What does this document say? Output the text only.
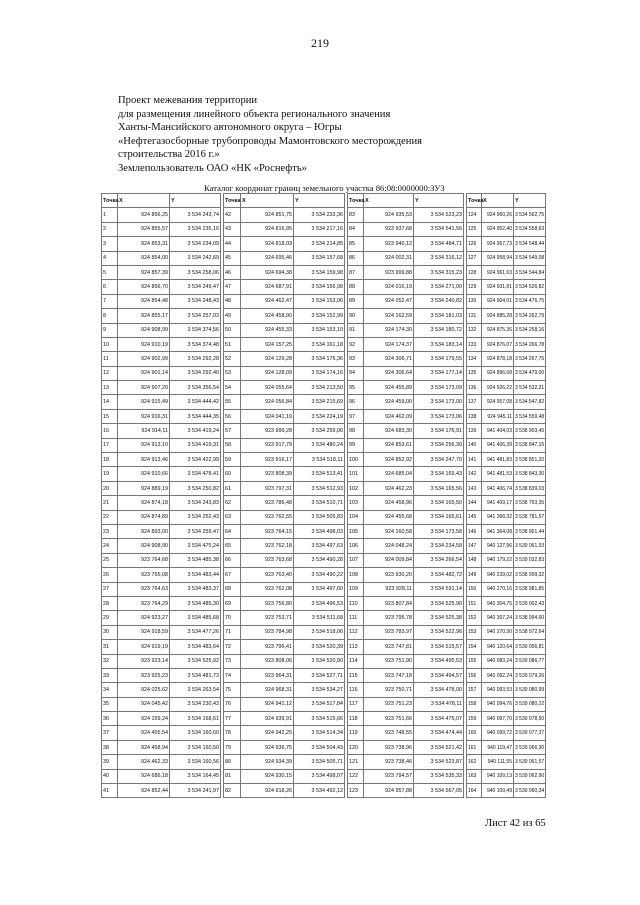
219
Проект межевания территории
для размещения линейного объекта регионального значения
Ханты-Мансийского автономного округа – Югры
«Нефтегазосборные трубопроводы Мамонтовского месторождения
строительства 2016 г.»
Землепользователь ОАО «НК «Роснефть»
Каталог координат границ земельного участка 86:08:0000000:ЗУ3
Точка	X	Y
1	924 856,25	3 534 243,74
2	924 855,57	3 534 235,16
3	924 853,31	3 534 234,09
4	924 854,00	3 534 242,69
5	924 857,39	3 534 258,06
6	924 856,70	3 534 249,47
7	924 854,48	3 534 248,43
8	924 855,17	3 534 257,03
9	924 908,99	3 534 374,56
10	924 910,19	3 534 374,48
11	924 902,99	3 534 292,28
12	924 901,14	3 534 292,40
13	924 907,20	3 534 356,54
14	924 915,49	3 534 444,42
15	924 916,31	3 534 444,35
16	924 914,11	3 534 419,24
17	924 913,10	3 534 419,31
18	924 913,46	3 534 422,99
19	924 910,66	3 534 478,41
20	924 889,19	3 534 250,82
21	924 874,18	3 534 243,83
22	924 874,89	3 534 252,43
23	924 893,00	3 534 259,47
24	924 908,90	3 534 475,24
25	923 764,68	3 534 485,38
26	923 765,08	3 534 483,44
27	923 764,63	3 534 483,37
28	923 764,29	3 534 485,30
29	924 923,27	3 534 485,68
30	924 918,59	3 534 477,26
31	924 919,19	3 534 483,64
32	923 923,14	3 534 525,92
33	923 925,23	3 534 481,73
34	924 025,62	3 534 263,54
35	924 045,42	3 534 230,43
36	924 159,24	3 534 168,61
37	924 455,54	3 534 160,60
38	924 458,94	3 534 160,50
39	924 462,33	3 534 160,56
40	924 686,18	3 534 164,45
41	924 852,44	3 534 241,97
Точка	X	Y
42	924 851,75	3 534 233,36
43	924 816,95	3 534 217,16
44	924 818,03	3 534 214,85
45	924 695,46	3 534 157,68
46	924 694,38	3 534 159,98
47	924 687,91	3 534 156,98
48	924 462,47	3 534 153,06
49	924 458,90	3 534 152,99
50	924 455,33	3 534 153,10
51	924 157,25	3 534 161,18
52	924 129,28	3 534 176,36
53	924 128,09	3 534 174,16
54	924 055,64	3 534 213,50
55	924 056,84	3 534 215,69
56	924 041,19	3 534 224,19
57	923 999,28	3 534 259,06
58	923 917,79	3 534 480,24
59	923 916,17	3 534 518,11
60	923 808,39	3 534 513,41
61	923 797,31	3 534 512,93
62	923 786,48	3 534 510,71
63	923 762,55	3 534 505,83
64	923 764,15	3 534 498,03
65	923 762,18	3 534 497,63
66	923 763,68	3 534 490,28
67	923 763,40	3 534 490,22
68	923 762,08	3 534 497,60
69	923 756,80	3 534 496,53
70	923 753,71	3 534 511,68
71	923 784,98	3 534 518,06
72	923 796,41	3 534 520,39
73	923 808,06	3 534 520,90
74	923 964,31	3 534 527,71
75	924 968,31	3 534 534,27
76	924 941,12	3 534 517,84
77	924 939,91	3 534 515,66
78	924 942,25	3 534 514,34
79	924 936,75	3 534 504,43
80	924 934,39	3 534 505,71
81	924 930,15	3 534 498,07
82	924 918,26	3 534 492,12
Точка	X	Y
83	924 935,53	3 534 523,23
84	923 937,68	3 534 541,56
85	923 940,12	3 534 484,71
86	924 002,31	3 534 316,12
87	923 999,88	3 534 315,23
88	924 016,19	3 534 271,00
89	924 052,47	3 534 240,82
90	924 162,59	3 534 181,03
91	924 174,30	3 534 180,72
92	924 174,37	3 534 183,14
93	924 306,71	3 534 179,55
94	924 306,64	3 534 177,14
95	924 455,89	3 534 173,09
96	924 459,00	3 534 173,00
97	924 462,09	3 534 173,06
98	924 683,30	3 534 176,91
99	924 853,61	3 534 256,30
100	924 852,92	3 534 247,70
101	924 685,04	3 534 169,43
102	924 462,23	3 534 165,56
103	924 458,96	3 534 165,50
104	924 455,68	3 534 165,61
105	924 160,58	3 534 173,58
106	924 048,24	3 534 234,58
107	924 009,84	3 534 266,54
108	923 930,20	3 534 482,72
109	923 928,11	3 534 531,14
110	923 807,84	3 534 525,90
111	923 795,78	3 534 525,38
112	923 783,97	3 534 522,96
113	923 747,81	3 534 515,57
114	923 751,90	3 534 495,53
115	923 747,18	3 534 494,57
116	923 750,71	3 534 478,00
117	923 751,23	3 534 478,11
118	923 751,66	3 534 475,07
119	923 748,55	3 534 474,44
120	923 738,96	3 534 521,42
121	923 738,46	3 534 523,87
122	923 794,57	3 534 535,33
123	924 957,88	3 534 567,05
Точка	X	Y
124	924 960,26	3 534 562,75
125	924 952,40	3 534 558,63
126	924 957,73	3 534 548,44
127	924 958,94	3 534 549,08
128	924 961,63	3 534 544,84
129	924 931,81	3 534 526,82
130	924 904,01	3 534 476,75
131	924 885,28	3 534 262,79
132	924 875,36	3 534 258,16
133	924 876,07	3 534 266,78
134	924 878,18	3 534 267,75
135	924 896,68	3 534 479,00
136	924 926,22	3 534 532,21
137	924 957,08	3 534 547,82
138	924 945,11	3 534 559,48
139	941 404,03	3 538 903,45
140	941 406,39	3 538 847,15
141	941 481,83	3 538 851,20
142	941 481,53	3 538 843,30
143	941 406,74	3 538 839,03
144	941 409,17	3 538 793,35
145	941 368,32	3 538 781,57
146	941 364,08	3 538 901,44
147	940 127,96	3 539 061,53
148	940 179,22	3 539 032,83
149	940 239,02	3 538 999,32
150	940 270,16	3 538 981,85
151	940 304,75	3 539 002,43
152	940 307,24	3 538 994,60
153	940 270,30	3 538 972,64
154	940 120,64	3 539 056,81
155	940 083,24	3 539 086,77
156	940 092,24	3 539 079,26
157	940 093,53	3 539 080,99
158	940 094,76	3 539 080,22
159	940 097,70	3 539 078,50
160	940 099,72	3 539 077,37
161	940 119,47	3 539 066,30
162	940 111,55	3 539 061,57
163	940 109,13	3 539 062,90
164	940 109,49	3 539 060,34
Лист 42 из 65
